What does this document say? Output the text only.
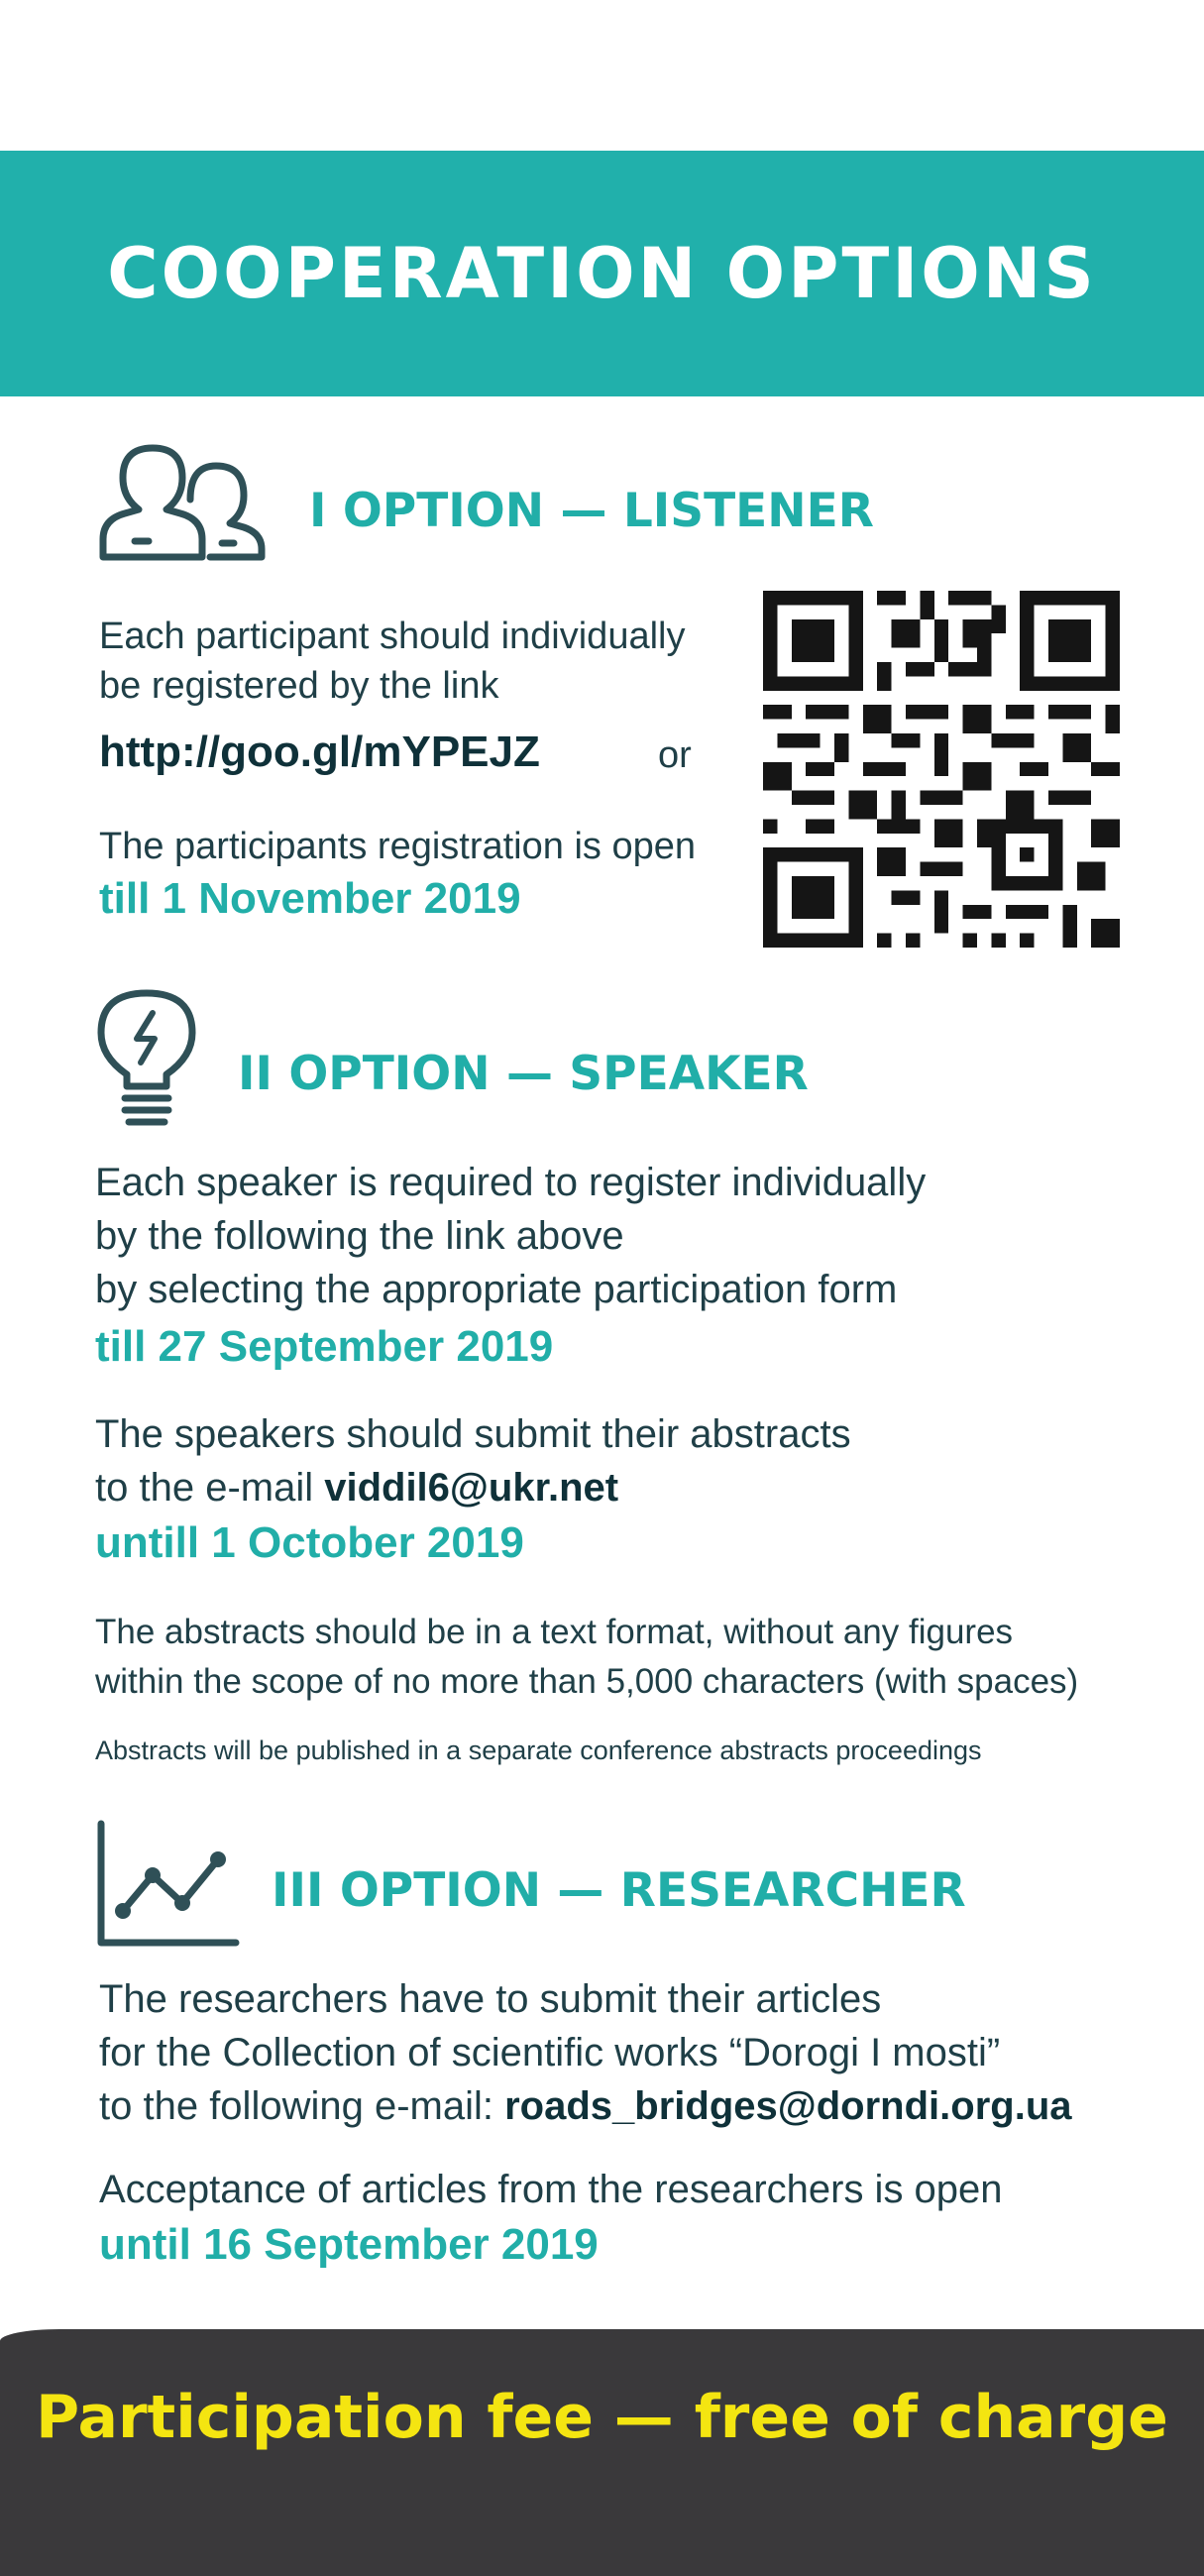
COOPERATION OPTIONS
I OPTION — LISTENER
Each participant should individually
be registered by the link
http://goo.gl/mYPEJZ	or
The participants registration is open
till 1 November 2019
II OPTION — SPEAKER
Each speaker is required to register individually
by the following the link above
by selecting the appropriate participation form
till 27 September 2019
The speakers should submit their abstracts
to the e-mail viddil6@ukr.net
untill 1 October 2019
The abstracts should be in a text format, without any figures
within the scope of no more than 5,000 characters (with spaces)
Abstracts will be published in a separate conference abstracts proceedings
III OPTION — RESEARCHER
The researchers have to submit their articles
for the Collection of scientific works “Dorogi I mosti”
to the following e-mail: roads_bridges@dorndi.org.ua
Acceptance of articles from the researchers is open
until 16 September 2019
Participation fee — free of charge
